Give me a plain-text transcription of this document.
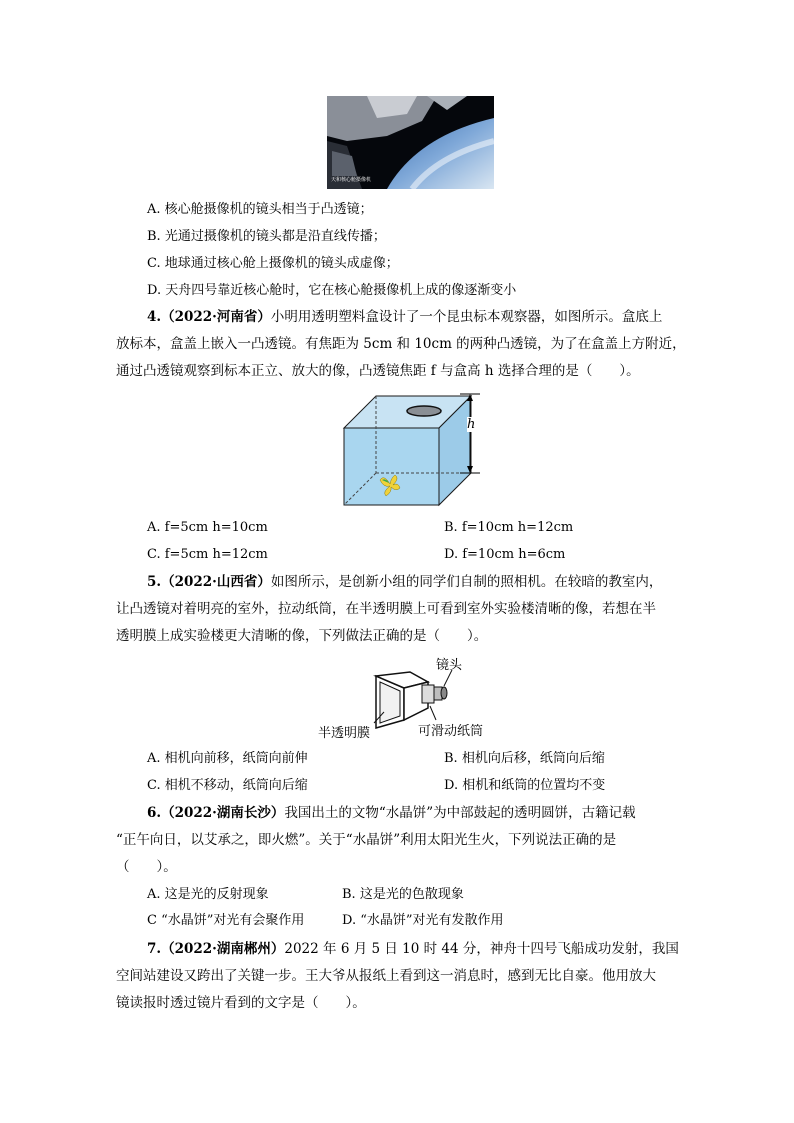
天和核心舱摄像机
A. 核心舱摄像机的镜头相当于凸透镜；
B. 光通过摄像机的镜头都是沿直线传播；
C. 地球通过核心舱上摄像机的镜头成虚像；
D. 天舟四号靠近核心舱时，它在核心舱摄像机上成的像逐渐变小
4.（2022·河南省）小明用透明塑料盒设计了一个昆虫标本观察器，如图所示。盒底上
放标本，盒盖上嵌入一凸透镜。有焦距为 5cm 和 10cm 的两种凸透镜，为了在盒盖上方附近，
通过凸透镜观察到标本正立、放大的像，凸透镜焦距 f 与盒高 h 选择合理的是（　　）。
h
A. f=5cm h=10cm	B. f=10cm h=12cm
C. f=5cm h=12cm	D. f=10cm h=6cm
5.（2022·山西省）如图所示，是创新小组的同学们自制的照相机。在较暗的教室内，
让凸透镜对着明亮的室外，拉动纸筒，在半透明膜上可看到室外实验楼清晰的像，若想在半
透明膜上成实验楼更大清晰的像，下列做法正确的是（　　）。
镜头
半透明膜	可滑动纸筒
A. 相机向前移，纸筒向前伸	B. 相机向后移，纸筒向后缩
C. 相机不移动，纸筒向后缩	D. 相机和纸筒的位置均不变
6.（2022·湖南长沙）我国出土的文物“水晶饼”为中部鼓起的透明圆饼，古籍记载
“正午向日，以艾承之，即火燃”。关于“水晶饼”利用太阳光生火，下列说法正确的是
（　　）。
A. 这是光的反射现象	B. 这是光的色散现象
C “水晶饼”对光有会聚作用	D. “水晶饼”对光有发散作用
7.（2022·湖南郴州）2022 年 6 月 5 日 10 时 44 分，神舟十四号飞船成功发射，我国
空间站建设又跨出了关键一步。王大爷从报纸上看到这一消息时，感到无比自豪。他用放大
镜读报时透过镜片看到的文字是（　　）。
